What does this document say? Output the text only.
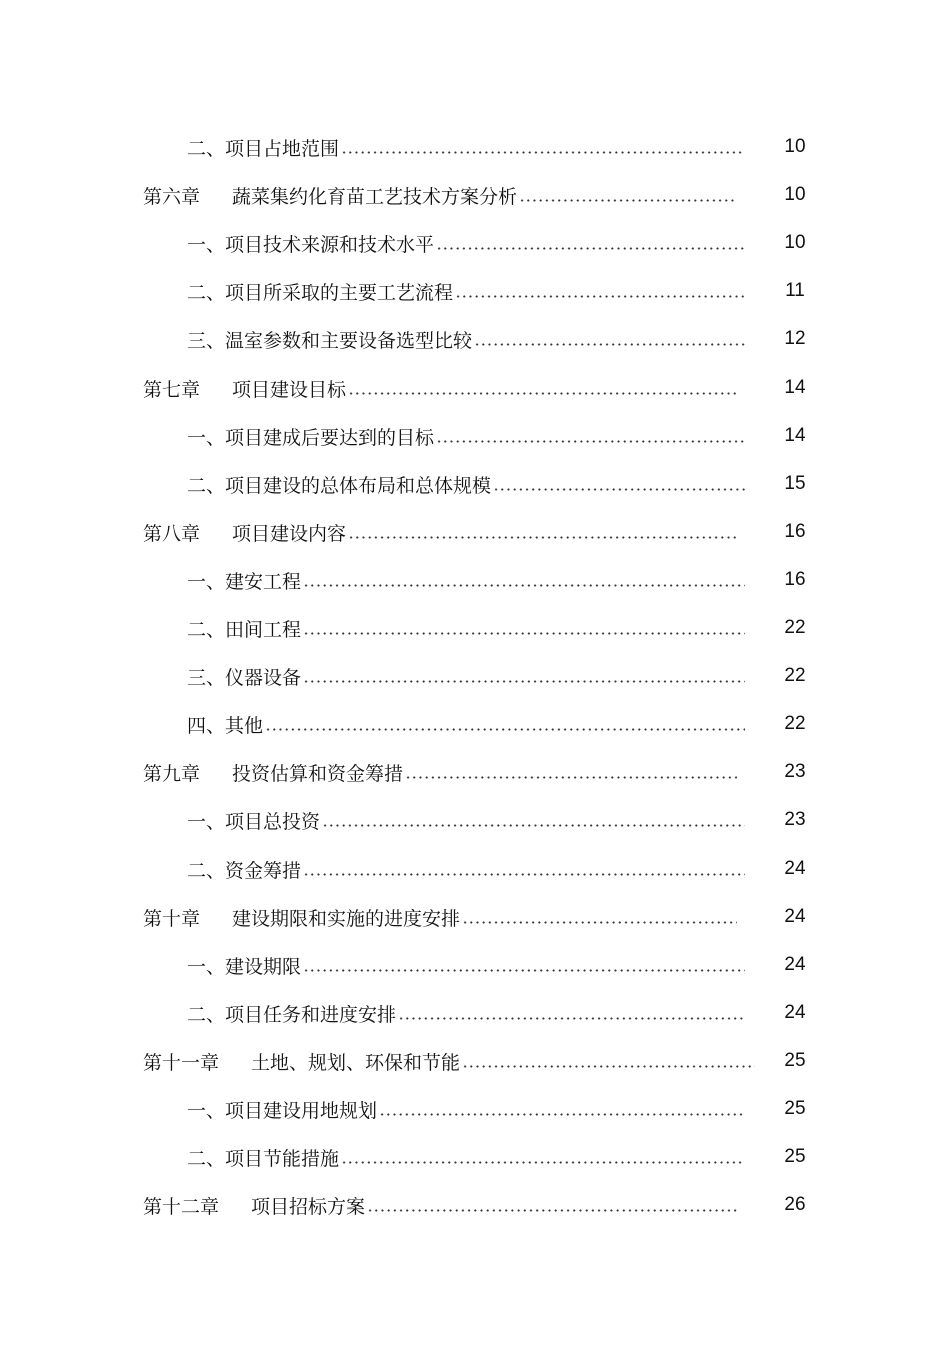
二、项目占地范围	10
第六章 蔬菜集约化育苗工艺技术方案分析	10
一、项目技术来源和技术水平	10
二、项目所采取的主要工艺流程	11
三、温室参数和主要设备选型比较	12
第七章 项目建设目标	14
一、项目建成后要达到的目标	14
二、项目建设的总体布局和总体规模	15
第八章 项目建设内容	16
一、建安工程	16
二、田间工程	22
三、仪器设备	22
四、其他	22
第九章 投资估算和资金筹措	23
一、项目总投资	23
二、资金筹措	24
第十章 建设期限和实施的进度安排	24
一、建设期限	24
二、项目任务和进度安排	24
第十一章 土地、规划、环保和节能	25
一、项目建设用地规划	25
二、项目节能措施	25
第十二章 项目招标方案	26
